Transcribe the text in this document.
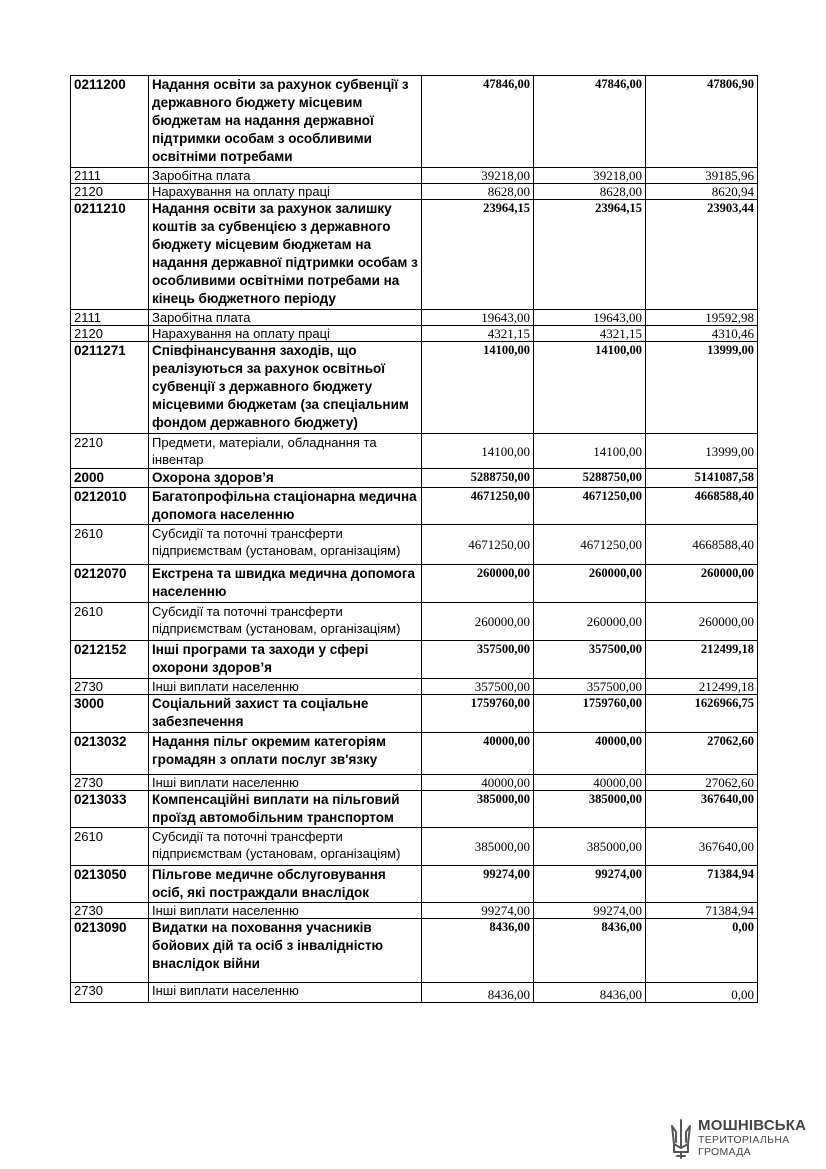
0211200	Надання освіти за рахунок субвенції з державного бюджету місцевим бюджетам на надання державної підтримки особам з особливими освітніми потребами	47846,00	47846,00	47806,90
2111	Заробітна плата	39218,00	39218,00	39185,96
2120	Нарахування на оплату праці	8628,00	8628,00	8620,94
0211210	Надання освіти за рахунок залишку коштів за субвенцією з державного бюджету місцевим бюджетам на надання державної підтримки особам з особливими освітніми потребами на кінець бюджетного періоду	23964,15	23964,15	23903,44
2111	Заробітна плата	19643,00	19643,00	19592,98
2120	Нарахування на оплату праці	4321,15	4321,15	4310,46
0211271	Співфінансування заходів, що реалізуються за рахунок освітньої субвенції з державного бюджету місцевими бюджетам (за спеціальним фондом державного бюджету)	14100,00	14100,00	13999,00
2210	Предмети, матеріали, обладнання та інвентар	14100,00	14100,00	13999,00
2000	Охорона здоров’я	5288750,00	5288750,00	5141087,58
0212010	Багатопрофільна стаціонарна медична допомога населенню	4671250,00	4671250,00	4668588,40
2610	Субсидії та поточні трансферти підприємствам (установам, організаціям)	4671250,00	4671250,00	4668588,40
0212070	Екстрена та швидка медична допомога населенню	260000,00	260000,00	260000,00
2610	Субсидії та поточні трансферти підприємствам (установам, організаціям)	260000,00	260000,00	260000,00
0212152	Інші програми та заходи у сфері охорони здоров’я	357500,00	357500,00	212499,18
2730	Інші виплати населенню	357500,00	357500,00	212499,18
3000	Соціальний захист та соціальне забезпечення	1759760,00	1759760,00	1626966,75
0213032	Надання пільг окремим категоріям громадян з оплати послуг зв'язку	40000,00	40000,00	27062,60
2730	Інші виплати населенню	40000,00	40000,00	27062,60
0213033	Компенсаційні виплати на пільговий проїзд автомобільним транспортом	385000,00	385000,00	367640,00
2610	Субсидії та поточні трансферти підприємствам (установам, організаціям)	385000,00	385000,00	367640,00
0213050	Пільгове медичне обслуговування осіб, які постраждали внаслідок	99274,00	99274,00	71384,94
2730	Інші виплати населенню	99274,00	99274,00	71384,94
0213090	Видатки на поховання учасників бойових дій та осіб з інвалідністю внаслідок війни	8436,00	8436,00	0,00
2730	Інші виплати населенню	8436,00	8436,00	0,00
МОШНІВСЬКА
ТЕРИТОРІАЛЬНА
ГРОМАДА
